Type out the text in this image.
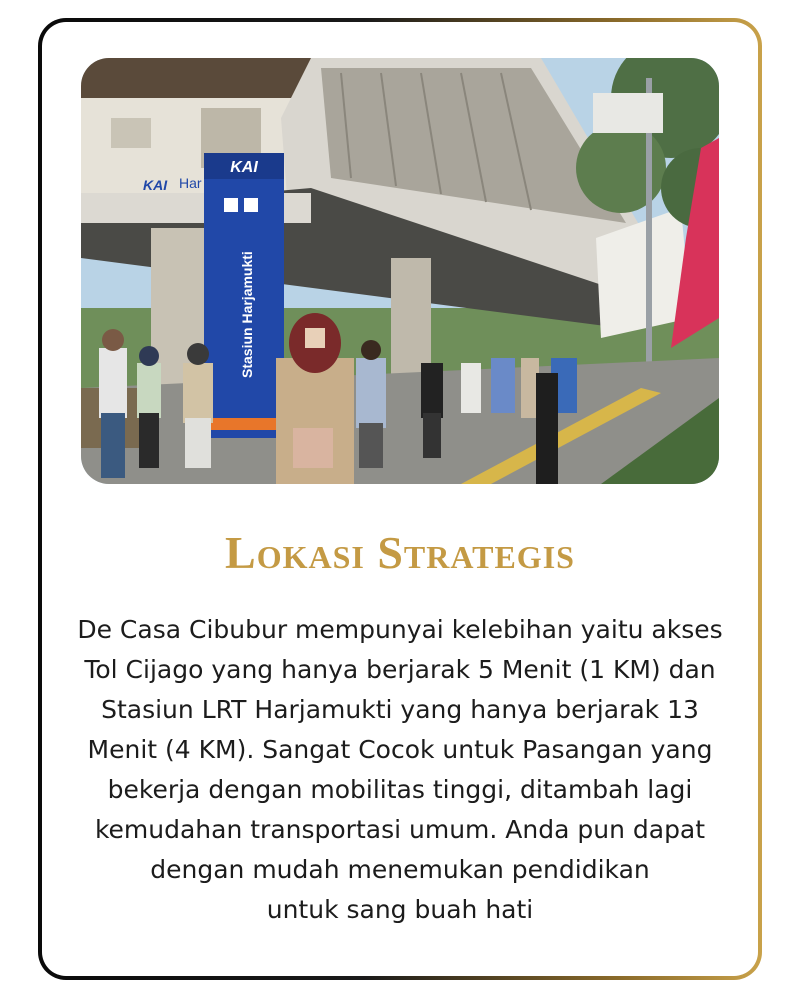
KAI
Stasiun Harjamukti
KAI Har
Lokasi Strategis
De Casa Cibubur mempunyai kelebihan yaitu akses
Tol Cijago yang hanya berjarak 5 Menit (1 KM) dan
Stasiun LRT Harjamukti yang hanya berjarak 13
Menit (4 KM). Sangat Cocok untuk Pasangan yang
bekerja dengan mobilitas tinggi, ditambah lagi
kemudahan transportasi umum. Anda pun dapat
dengan mudah menemukan pendidikan
untuk sang buah hati
